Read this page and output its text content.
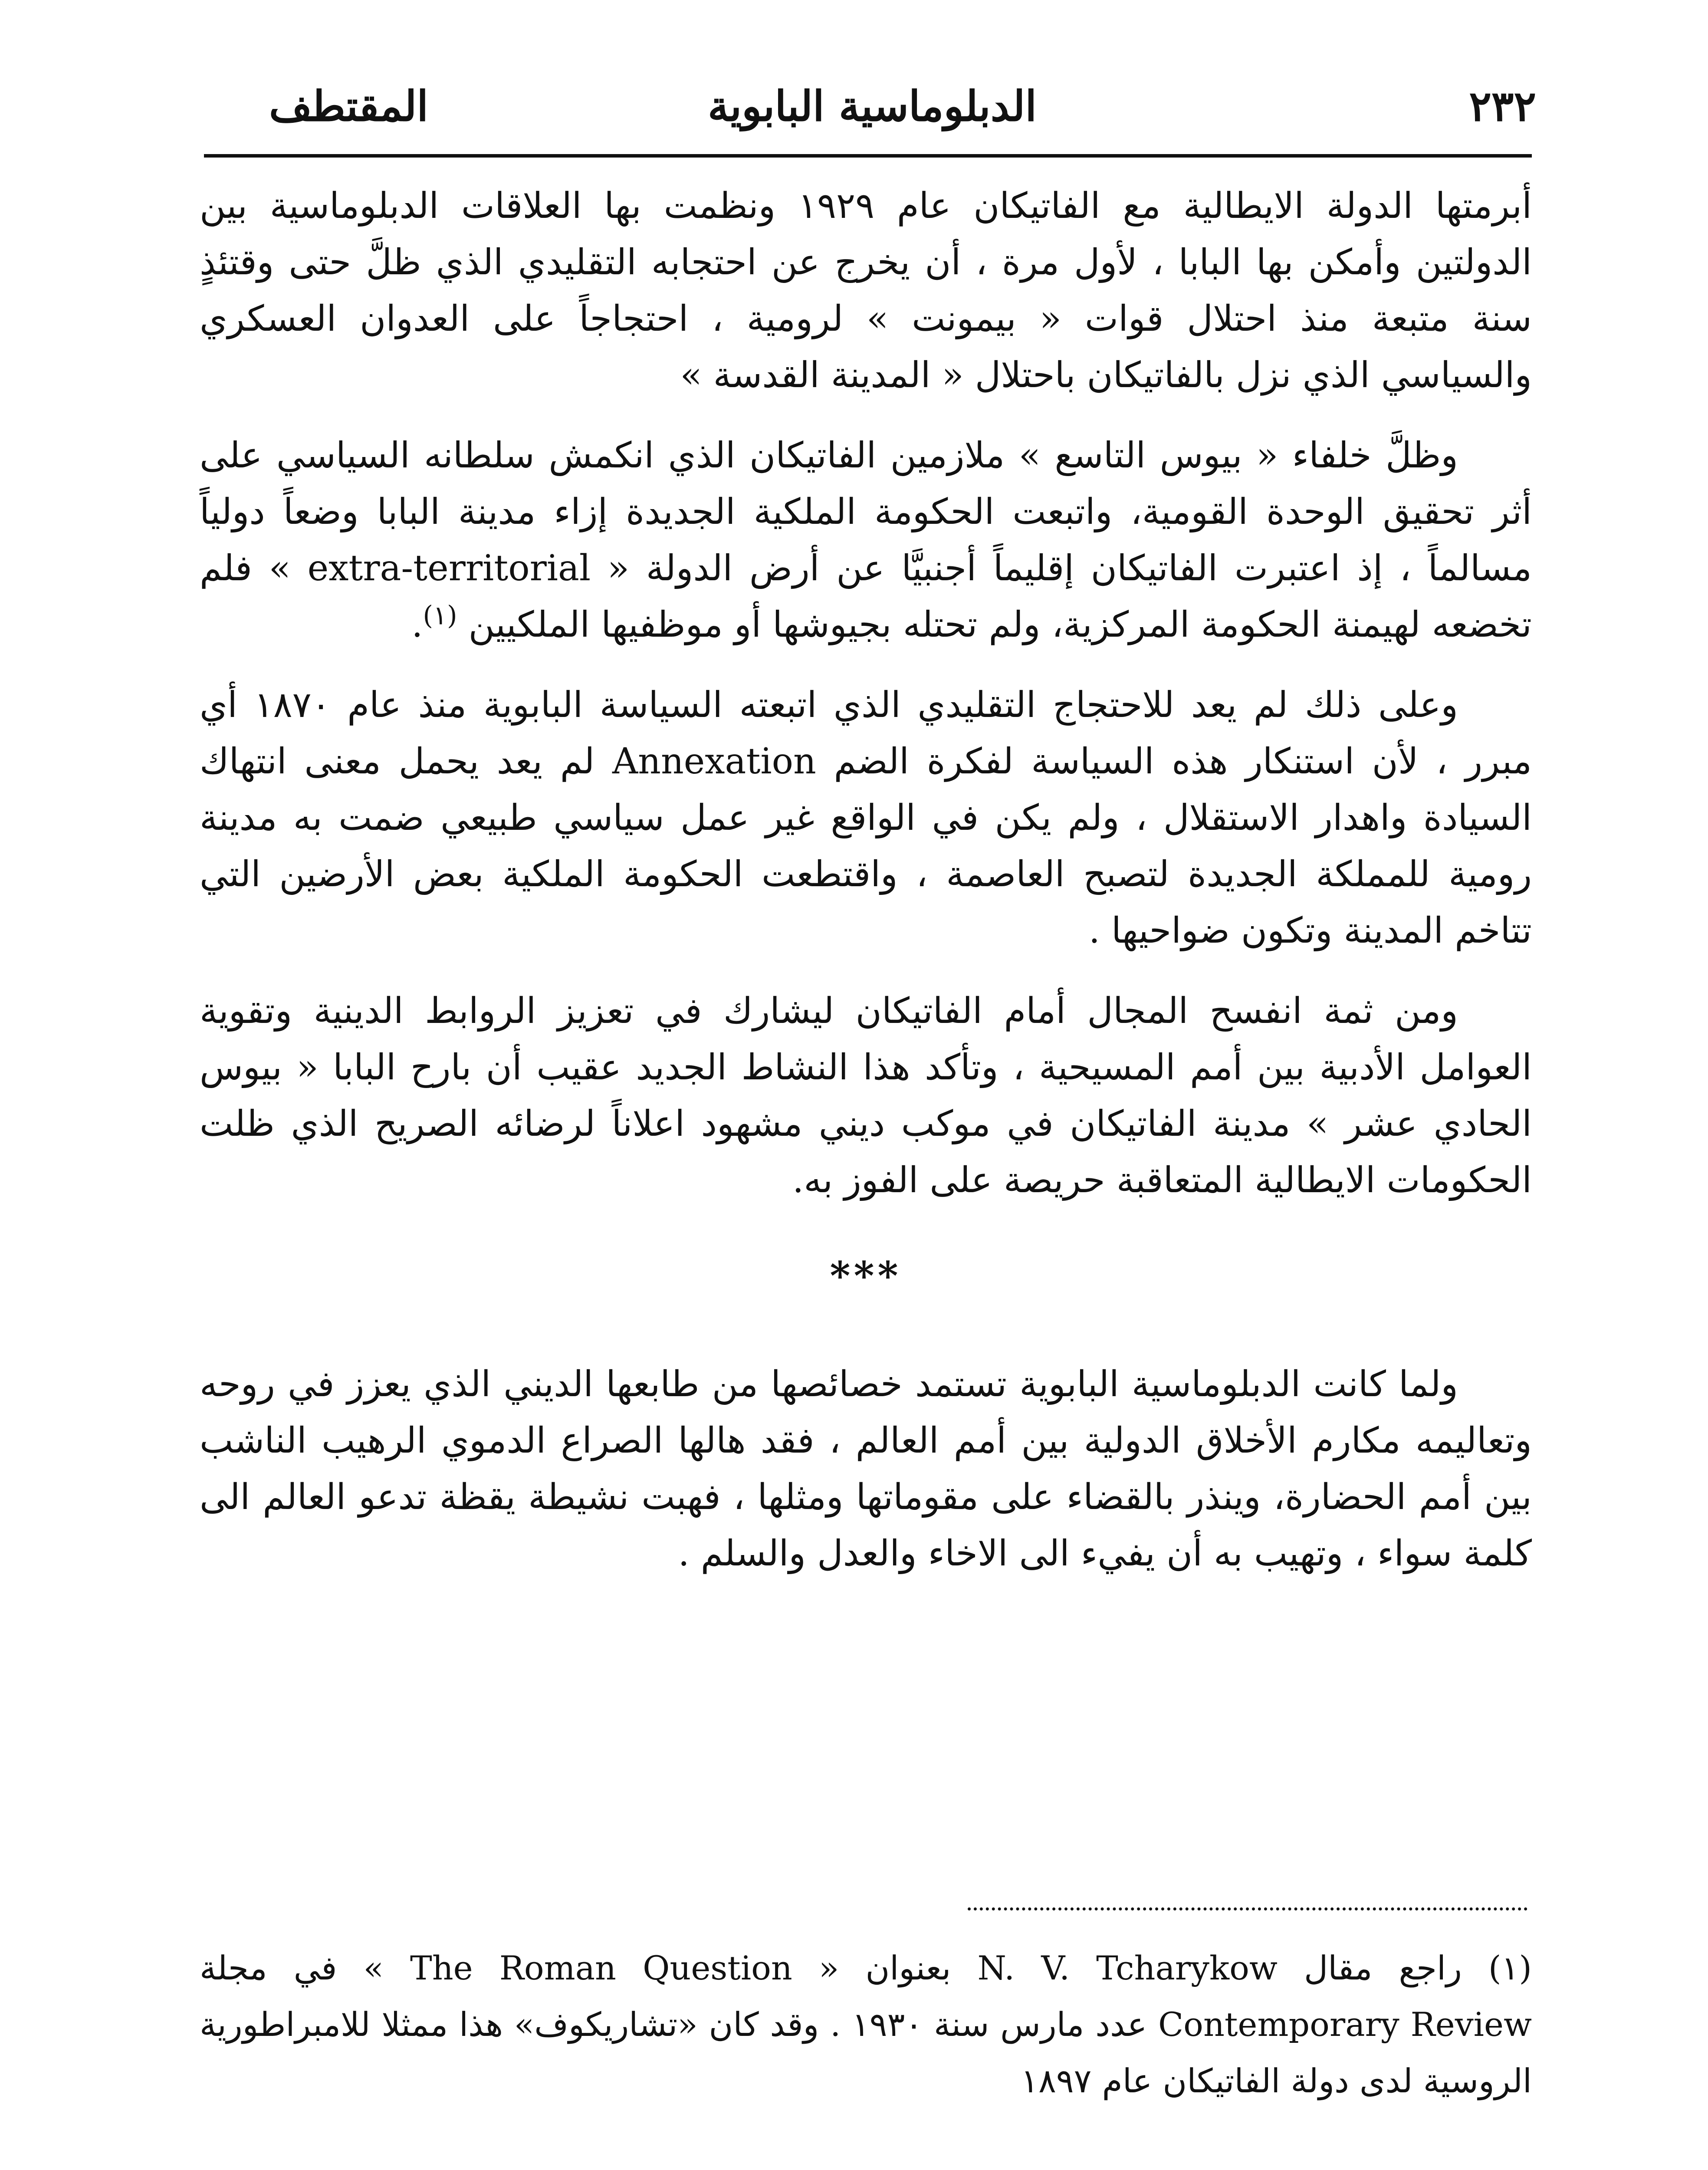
٢٣٢
الدبلوماسية البابوية
المقتطف

أبرمتها الدولة الايطالية مع الفاتيكان عام ١٩٢٩ ونظمت بها العلاقات الدبلوماسية بين الدولتين وأمكن بها البابا ، لأول مرة ، أن يخرج عن احتجابه التقليدي الذي ظلَّ حتى وقتئذٍ سنة متبعة منذ احتلال قوات « بيمونت » لرومية ، احتجاجاً على العدوان العسكري والسياسي الذي نزل بالفاتيكان باحتلال « المدينة القدسة »

وظلَّ خلفاء « بيوس التاسع » ملازمين الفاتيكان الذي انكمش سلطانه السياسي على أثر تحقيق الوحدة القومية، واتبعت الحكومة الملكية الجديدة إزاء مدينة البابا وضعاً دولياً مسالماً ، إذ اعتبرت الفاتيكان إقليماً أجنبيَّا عن أرض الدولة « extra-territorial » فلم تخضعه لهيمنة الحكومة المركزية، ولم تحتله بجيوشها أو موظفيها الملكيين $^{(١)}$.

وعلى ذلك لم يعد للاحتجاج التقليدي الذي اتبعته السياسة البابوية منذ عام ١٨٧٠ أي مبرر ، لأن استنكار هذه السياسة لفكرة الضم Annexation لم يعد يحمل معنى انتهاك السيادة واهدار الاستقلال ، ولم يكن في الواقع غير عمل سياسي طبيعي ضمت به مدينة رومية للمملكة الجديدة لتصبح العاصمة ، واقتطعت الحكومة الملكية بعض الأرضين التي تتاخم المدينة وتكون ضواحيها .

ومن ثمة انفسح المجال أمام الفاتيكان ليشارك في تعزيز الروابط الدينية وتقوية العوامل الأدبية بين أمم المسيحية ، وتأكد هذا النشاط الجديد عقيب أن بارح البابا « بيوس الحادي عشر » مدينة الفاتيكان في موكب ديني مشهود اعلاناً لرضائه الصريح الذي ظلت الحكومات الايطالية المتعاقبة حريصة على الفوز به.

***

ولما كانت الدبلوماسية البابوية تستمد خصائصها من طابعها الديني الذي يعزز في روحه وتعاليمه مكارم الأخلاق الدولية بين أمم العالم ، فقد هالها الصراع الدموي الرهيب الناشب بين أمم الحضارة، وينذر بالقضاء على مقوماتها ومثلها ، فهبت نشيطة يقظة تدعو العالم الى كلمة سواء ، وتهيب به أن يفيء الى الاخاء والعدل والسلم .

(١) راجع مقال N. V. Tcharykow بعنوان « The Roman Question » في مجلة Contemporary Review عدد مارس سنة ١٩٣٠ . وقد كان «تشاريكوف» هذا ممثلا للامبراطورية الروسية لدى دولة الفاتيكان عام ١٨٩٧
